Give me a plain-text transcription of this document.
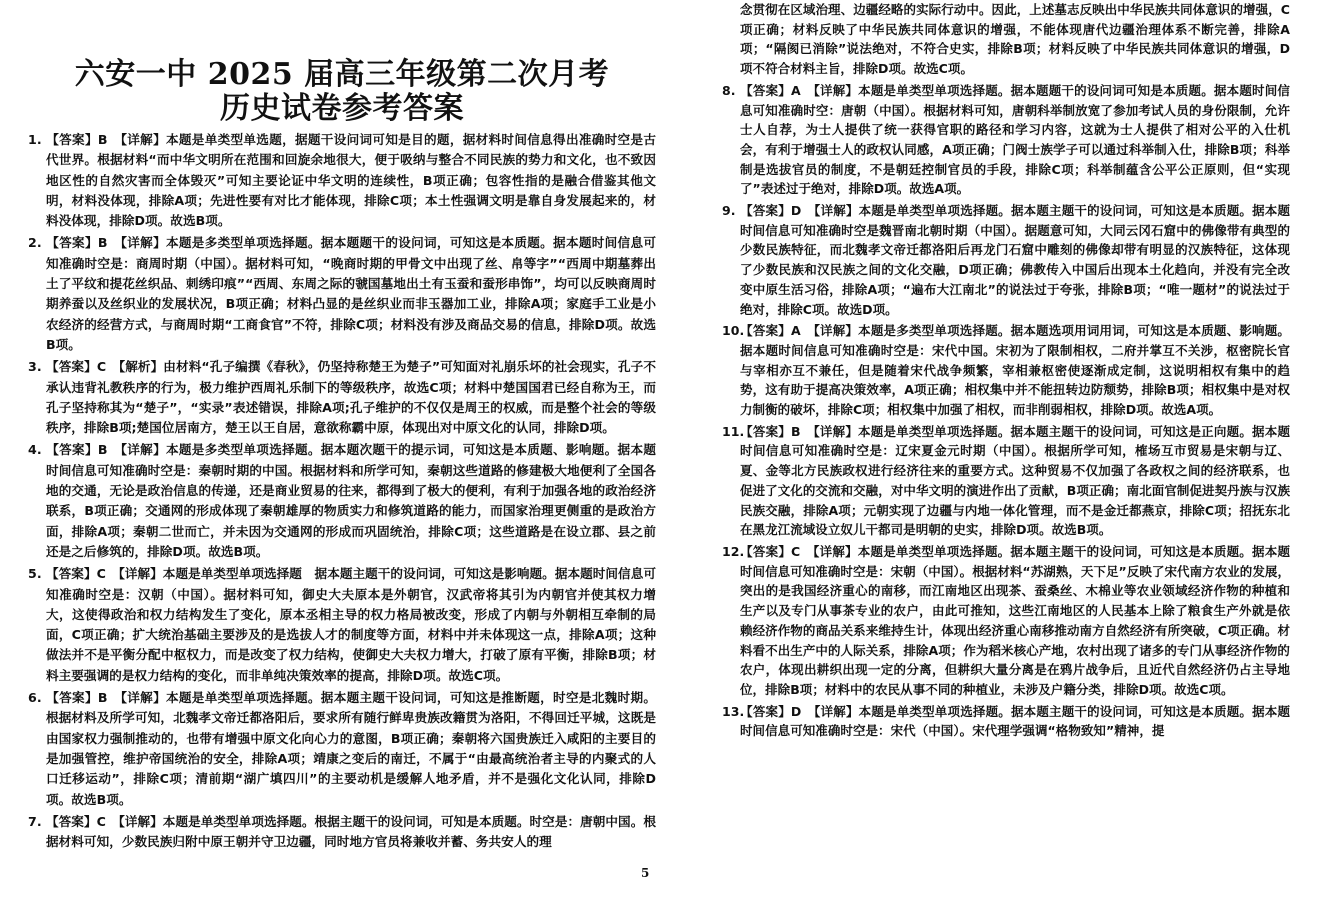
六安一中 2025 届高三年级第二次月考
历史试卷参考答案
1. 【答案】B　【详解】本题是单类型单选题，据题干设问词可知是目的题，据材料时间信息得出准确时空是古代世界。根据材料“而中华文明所在范围和回旋余地很大，便于吸纳与整合不同民族的势力和文化，也不致因地区性的自然灾害而全体毁灭”可知主要论证中华文明的连续性，B项正确；包容性指的是融合借鉴其他文明，材料没体现，排除A项；先进性要有对比才能体现，排除C项；本土性强调文明是靠自身发展起来的，材料没体现，排除D项。故选B项。
2. 【答案】B　【详解】本题是多类型单项选择题。据本题题干的设问词，可知这是本质题。据本题时间信息可知准确时空是：商周时期（中国）。据材料可知，“晚商时期的甲骨文中出现了丝、帛等字”“西周中期墓葬出土了平纹和提花丝织品、刺绣印痕”“西周、东周之际的虢国墓地出土有玉蚕和蚕形串饰”，均可以反映商周时期养蚕以及丝织业的发展状况，B项正确；材料凸显的是丝织业而非玉器加工业，排除A项；家庭手工业是小农经济的经营方式，与商周时期“工商食官”不符，排除C项；材料没有涉及商品交易的信息，排除D项。故选B项。
3. 【答案】C　【解析】由材料“孔子编撰《春秋》，仍坚持称楚王为楚子”可知面对礼崩乐坏的社会现实，孔子不承认违背礼教秩序的行为，极力维护西周礼乐制下的等级秩序，故选C项；材料中楚国国君已经自称为王，而孔子坚持称其为“楚子”，“实录”表述错误，排除A项;孔子维护的不仅仅是周王的权威，而是整个社会的等级秩序，排除B项;楚国位居南方，楚王以王自居，意欲称霸中原，体现出对中原文化的认同，排除D项。
4. 【答案】B　【详解】本题是多类型单项选择题。据本题次题干的提示词，可知这是本质题、影响题。据本题时间信息可知准确时空是：秦朝时期的中国。根据材料和所学可知，秦朝这些道路的修建极大地便利了全国各地的交通，无论是政治信息的传递，还是商业贸易的往来，都得到了极大的便利，有利于加强各地的政治经济联系，B项正确；交通网的形成体现了秦朝雄厚的物质实力和修筑道路的能力，而国家治理更侧重的是政治方面，排除A项；秦朝二世而亡，并未因为交通网的形成而巩固统治，排除C项；这些道路是在设立郡、县之前还是之后修筑的，排除D项。故选B项。
5. 【答案】C　【详解】本题是单类型单项选择题　据本题主题干的设问词，可知这是影响题。据本题时间信息可知准确时空是：汉朝（中国）。据材料可知，御史大夫原本是外朝官，汉武帝将其引为内朝官并使其权力增大，这使得政治和权力结构发生了变化，原本丞相主导的权力格局被改变，形成了内朝与外朝相互牵制的局面，C项正确；扩大统治基础主要涉及的是选拔人才的制度等方面，材料中并未体现这一点，排除A项；这种做法并不是平衡分配中枢权力，而是改变了权力结构，使御史大夫权力增大，打破了原有平衡，排除B项；材料主要强调的是权力结构的变化，而非单纯决策效率的提高，排除D项。故选C项。
6. 【答案】B　【详解】本题是单类型单项选择题。据本题主题干设问词，可知这是推断题，时空是北魏时期。根据材料及所学可知，北魏孝文帝迁都洛阳后，要求所有随行鲜卑贵族改籍贯为洛阳，不得回迁平城，这既是由国家权力强制推动的，也带有增强中原文化向心力的意图，B项正确；秦朝将六国贵族迁入咸阳的主要目的是加强管控，维护帝国统治的安全，排除A项；靖康之变后的南迁，不属于“由最高统治者主导的内聚式的人口迁移运动”，排除C项；清前期“湖广填四川”的主要动机是缓解人地矛盾，并不是强化文化认同，排除D项。故选B项。
7. 【答案】C　【详解】本题是单类型单项选择题。根据主题干的设问词，可知是本质题。时空是：唐朝中国。根据材料可知，少数民族归附中原王朝并守卫边疆，同时地方官员将兼收并蓄、务共安人的理
念贯彻在区域治理、边疆经略的实际行动中。因此，上述墓志反映出中华民族共同体意识的增强，C项正确；材料反映了中华民族共同体意识的增强，不能体现唐代边疆治理体系不断完善，排除A项；“隔阂已消除”说法绝对，不符合史实，排除B项；材料反映了中华民族共同体意识的增强，D项不符合材料主旨，排除D项。故选C项。
8. 【答案】A　【详解】本题是单类型单项选择题。据本题题干的设问词可知是本质题。据本题时间信息可知准确时空：唐朝（中国）。根据材料可知，唐朝科举制放宽了参加考试人员的身份限制，允许士人自荐，为士人提供了统一获得官职的路径和学习内容，这就为士人提供了相对公平的入仕机会，有利于增强士人的政权认同感，A项正确；门阀士族学子可以通过科举制入仕，排除B项；科举制是选拔官员的制度，不是朝廷控制官员的手段，排除C项；科举制蕴含公平公正原则，但“实现了”表述过于绝对，排除D项。故选A项。
9. 【答案】D　【详解】本题是单类型单项选择题。据本题主题干的设问词，可知这是本质题。据本题时间信息可知准确时空是魏晋南北朝时期（中国）。据题意可知，大同云冈石窟中的佛像带有典型的少数民族特征，而北魏孝文帝迁都洛阳后再龙门石窟中雕刻的佛像却带有明显的汉族特征，这体现了少数民族和汉民族之间的文化交融，D项正确；佛教传入中国后出现本土化趋向，并没有完全改变中原生活习俗，排除A项；“遍布大江南北”的说法过于夸张，排除B项；“唯一题材”的说法过于绝对，排除C项。故选D项。
10.【答案】A　【详解】本题是多类型单项选择题。据本题选项用词用词，可知这是本质题、影响题。据本题时间信息可知准确时空是：宋代中国。宋初为了限制相权，二府并掌互不关涉，枢密院长官与宰相亦互不兼任，但是随着宋代战争频繁，宰相兼枢密使逐渐成定制，这说明相权有集中的趋势，这有助于提高决策效率，A项正确；相权集中并不能扭转边防颓势，排除B项；相权集中是对权力制衡的破坏，排除C项；相权集中加强了相权，而非削弱相权，排除D项。故选A项。
11.【答案】B　【详解】本题是单类型单项选择题。据本题主题干的设问词，可知这是正向题。据本题时间信息可知准确时空是：辽宋夏金元时期（中国）。根据所学可知，榷场互市贸易是宋朝与辽、夏、金等北方民族政权进行经济往来的重要方式。这种贸易不仅加强了各政权之间的经济联系，也促进了文化的交流和交融，对中华文明的演进作出了贡献，B项正确；南北面官制促进契丹族与汉族民族交融，排除A项；元朝实现了边疆与内地一体化管理，而不是金迁都燕京，排除C项；招抚东北在黑龙江流域设立奴儿干都司是明朝的史实，排除D项。故选B项。
12.【答案】C　【详解】本题是单类型单项选择题。据本题主题干的设问词，可知这是本质题。据本题时间信息可知准确时空是：宋朝（中国）。根据材料“苏湖熟，天下足”反映了宋代南方农业的发展，突出的是我国经济重心的南移，而江南地区出现茶、蚕桑丝、木棉业等农业领域经济作物的种植和生产以及专门从事茶专业的农户，由此可推知，这些江南地区的人民基本上除了粮食生产外就是依赖经济作物的商品关系来维持生计，体现出经济重心南移推动南方自然经济有所突破，C项正确。材料看不出生产中的人际关系，排除A项；作为稻米核心产地，农村出现了诸多的专门从事经济作物的农户，体现出耕织出现一定的分离，但耕织大量分离是在鸦片战争后，且近代自然经济仍占主导地位，排除B项；材料中的农民从事不同的种植业，未涉及户籍分类，排除D项。故选C项。
13.【答案】D　【详解】本题是单类型单项选择题。据本题主题干的设问词，可知这是本质题。据本题时间信息可知准确时空是：宋代（中国）。宋代理学强调“格物致知”精神，提
5
